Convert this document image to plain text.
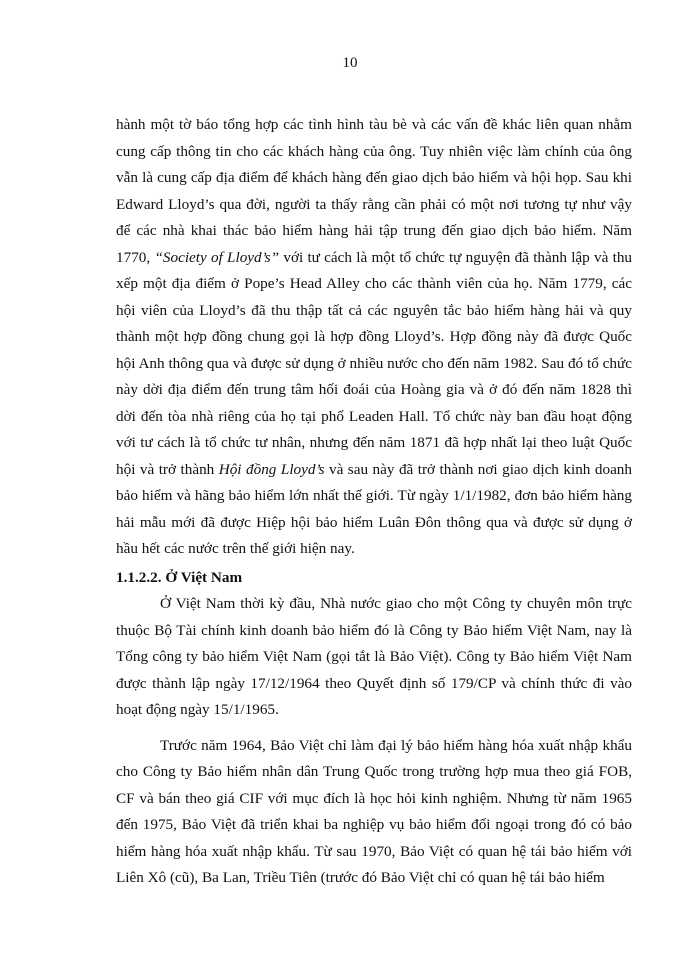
10

hành một tờ báo tổng hợp các tình hình tàu bè và các vấn đề khác liên quan nhằm cung cấp thông tin cho các khách hàng của ông. Tuy nhiên việc làm chính của ông vẫn là cung cấp địa điểm để khách hàng đến giao dịch bảo hiểm và hội họp. Sau khi Edward Lloyd’s qua đời, người ta thấy rằng cần phải có một nơi tương tự như vậy để các nhà khai thác bảo hiểm hàng hải tập trung đến giao dịch bảo hiểm. Năm 1770, “Society of Lloyd’s” với tư cách là một tổ chức tự nguyện đã thành lập và thu xếp một địa điểm ở Pope’s Head Alley cho các thành viên của họ. Năm 1779, các hội viên của Lloyd’s đã thu thập tất cả các nguyên tắc bảo hiểm hàng hải và quy thành một hợp đồng chung gọi là hợp đồng Lloyd’s. Hợp đồng này đã được Quốc hội Anh thông qua và được sử dụng ở nhiều nước cho đến năm 1982. Sau đó tổ chức này dời địa điểm đến trung tâm hối đoái của Hoàng gia và ở đó đến năm 1828 thì dời đến tòa nhà riêng của họ tại phố Leaden Hall. Tổ chức này ban đầu hoạt động với tư cách là tổ chức tư nhân, nhưng đến năm 1871 đã hợp nhất lại theo luật Quốc hội và trở thành Hội đồng Lloyd’s và sau này đã trở thành nơi giao dịch kinh doanh bảo hiểm và hãng bảo hiểm lớn nhất thế giới. Từ ngày 1/1/1982, đơn bảo hiểm hàng hải mẫu mới đã được Hiệp hội bảo hiểm Luân Đôn thông qua và được sử dụng ở hầu hết các nước trên thế giới hiện nay.

1.1.2.2. Ở Việt Nam

Ở Việt Nam thời kỳ đầu, Nhà nước giao cho một Công ty chuyên môn trực thuộc Bộ Tài chính kinh doanh bảo hiểm đó là Công ty Bảo hiểm Việt Nam, nay là Tổng công ty bảo hiểm Việt Nam (gọi tắt là Bảo Việt). Công ty Bảo hiểm Việt Nam được thành lập ngày 17/12/1964 theo Quyết định số 179/CP và chính thức đi vào hoạt động ngày 15/1/1965.

Trước năm 1964, Bảo Việt chỉ làm đại lý bảo hiểm hàng hóa xuất nhập khẩu cho Công ty Bảo hiểm nhân dân Trung Quốc trong trường hợp mua theo giá FOB, CF và bán theo giá CIF với mục đích là học hỏi kinh nghiệm. Nhưng từ năm 1965 đến 1975, Bảo Việt đã triển khai ba nghiệp vụ bảo hiểm đối ngoại trong đó có bảo hiểm hàng hóa xuất nhập khẩu. Từ sau 1970, Bảo Việt có quan hệ tái bảo hiểm với Liên Xô (cũ), Ba Lan, Triều Tiên (trước đó Bảo Việt chỉ có quan hệ tái bảo hiểm
